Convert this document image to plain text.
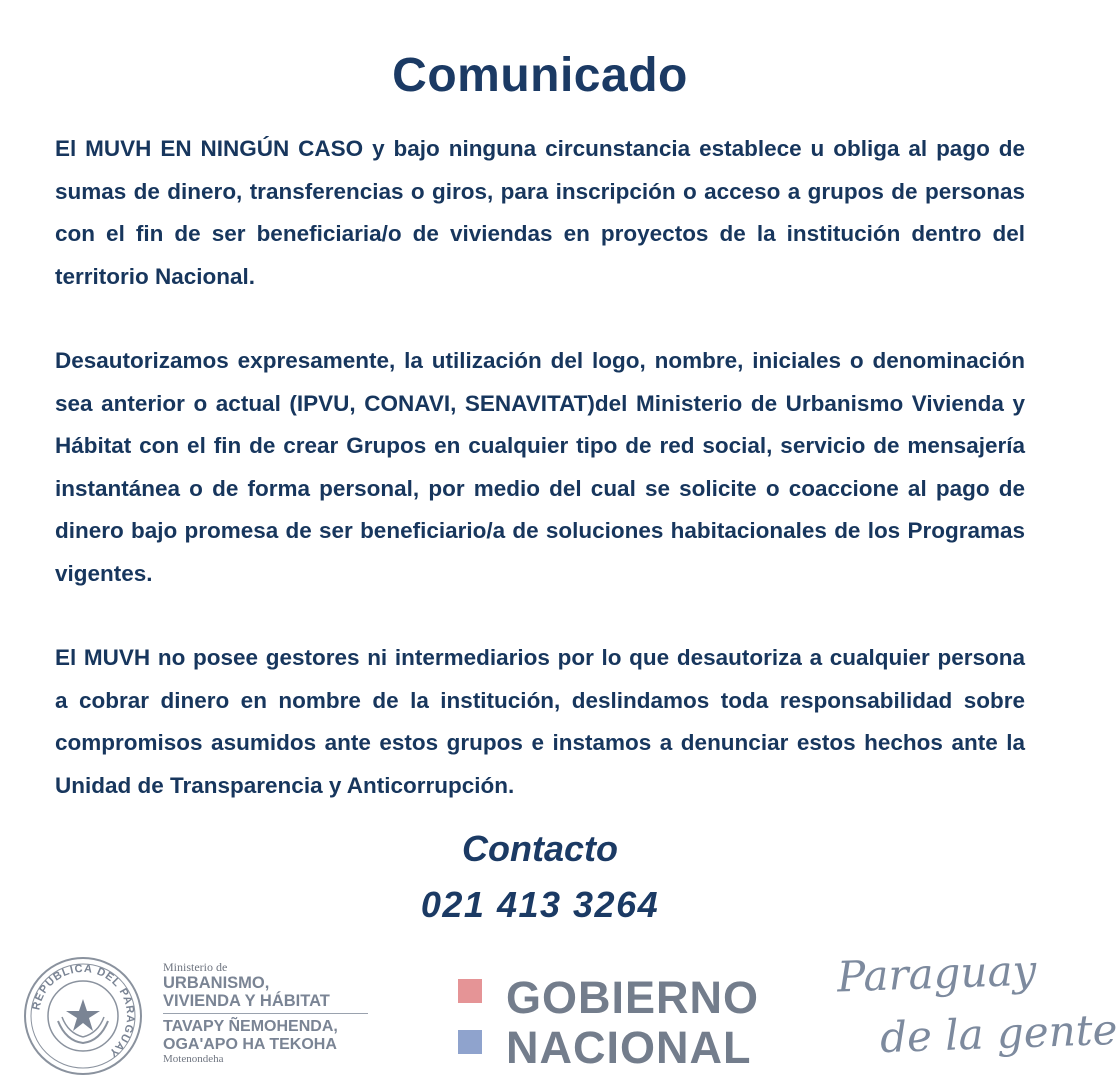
Comunicado

El MUVH EN NINGÚN CASO y bajo ninguna circunstancia establece u obliga al pago de sumas de dinero, transferencias o giros, para inscripción o acceso a grupos de personas con el fin de ser beneficiaria/o de viviendas en proyectos de la institución dentro del territorio Nacional.

Desautorizamos expresamente, la utilización del logo, nombre, iniciales o denominación sea anterior o actual (IPVU, CONAVI, SENAVITAT)del Ministerio de Urbanismo Vivienda y Hábitat con el fin de crear Grupos en cualquier tipo de red social, servicio de mensajería instantánea o de forma personal, por medio del cual se solicite o coaccione al pago de dinero bajo promesa de ser beneficiario/a de soluciones habitacionales de los Programas vigentes.

El MUVH no posee gestores ni intermediarios por lo que desautoriza a cualquier persona a cobrar dinero en nombre de la institución, deslindamos toda responsabilidad sobre compromisos asumidos ante estos grupos e instamos a denunciar estos hechos ante la Unidad de Transparencia y Anticorrupción.

Contacto
021 413 3264
REPUBLICA DEL PARAGUAY
Ministerio de
URBANISMO,
VIVIENDA Y HÁBITAT
TAVAPY ÑEMOHENDA,
OGA'APO HA TEKOHA
Motenondeha
GOBIERNO
NACIONAL
Paraguay
de la gente
